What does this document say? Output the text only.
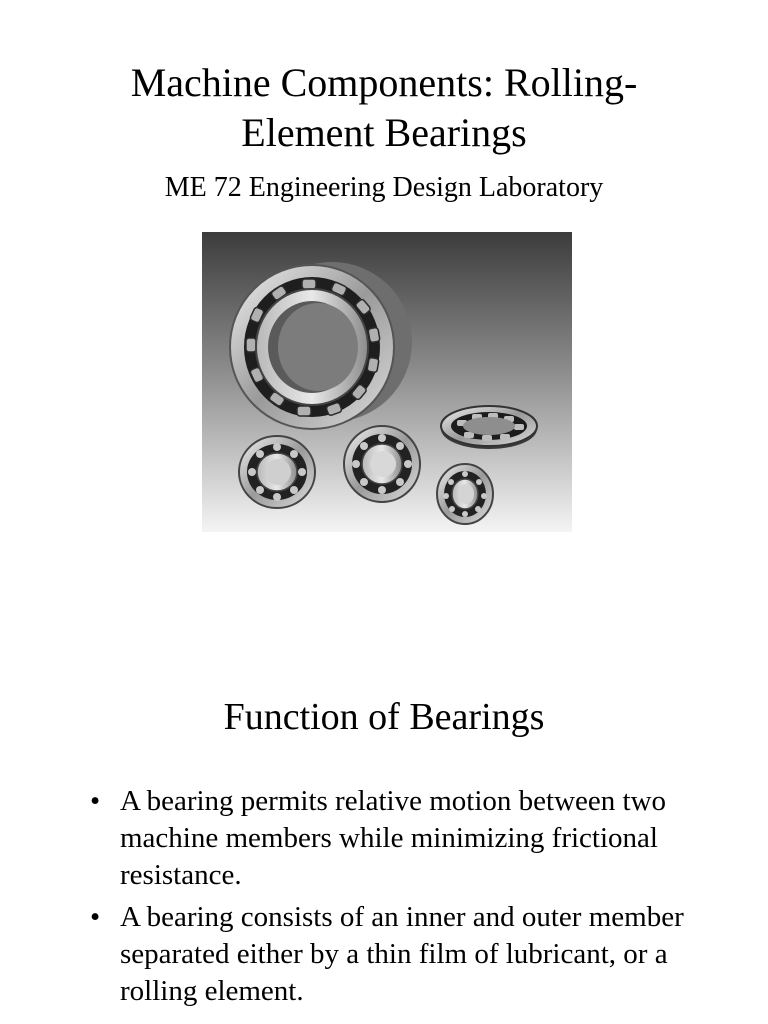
Machine Components: Rolling-
Element Bearings

ME 72 Engineering Design Laboratory

Function of Bearings
• A bearing permits relative motion between two machine members while minimizing frictional resistance.
• A bearing consists of an inner and outer member separated either by a thin film of lubricant, or a rolling element.
